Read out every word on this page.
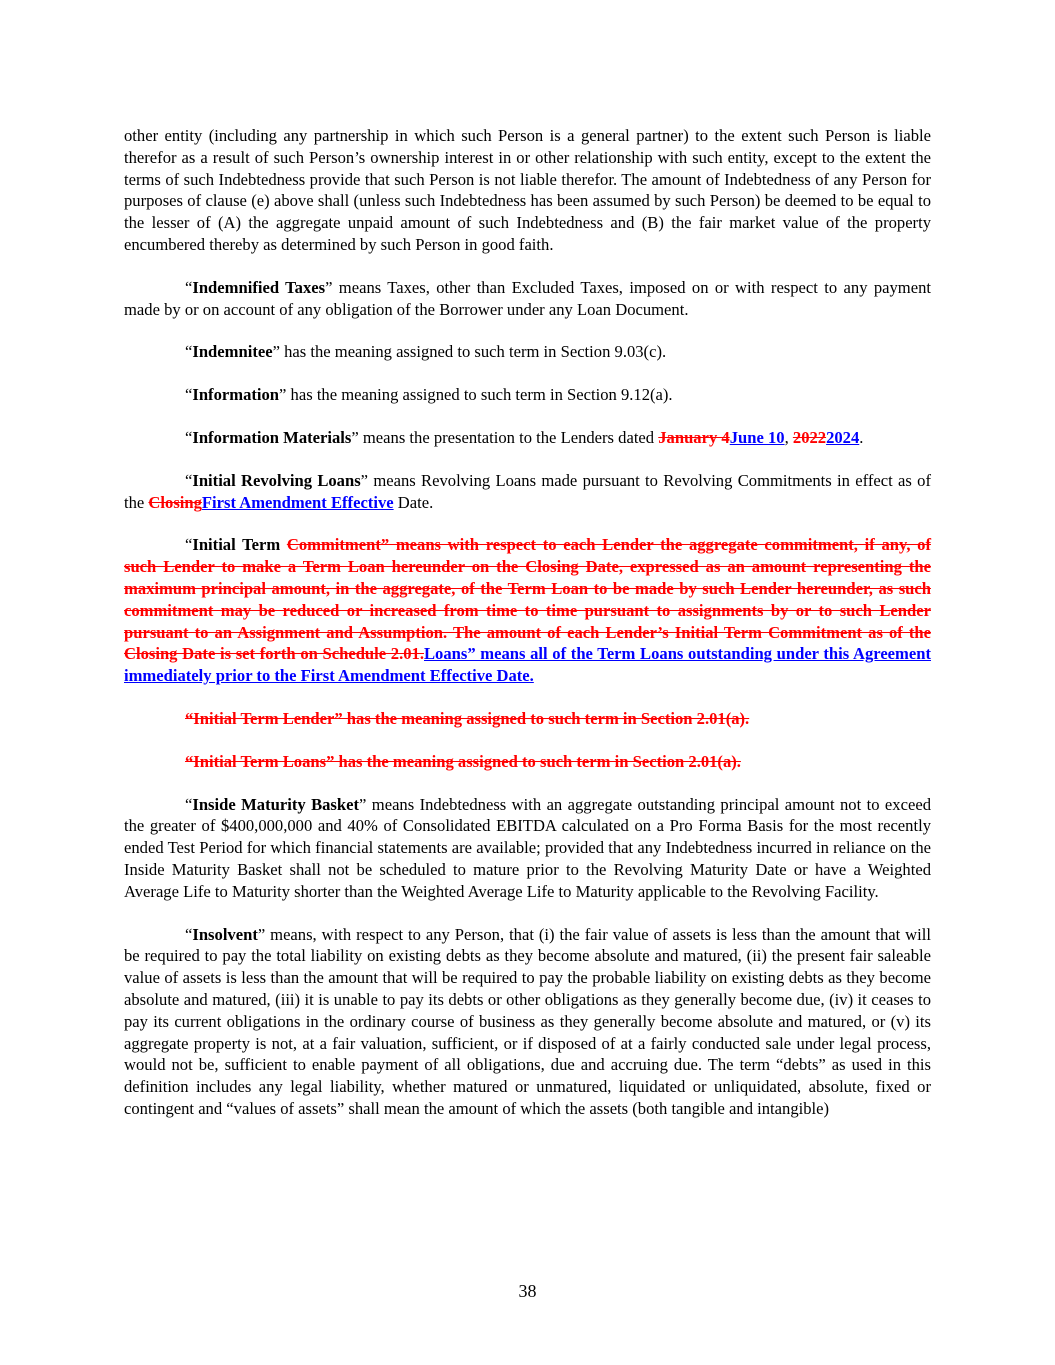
other entity (including any partnership in which such Person is a general partner) to the extent such Person is liable therefor as a result of such Person’s ownership interest in or other relationship with such entity, except to the extent the terms of such Indebtedness provide that such Person is not liable therefor. The amount of Indebtedness of any Person for purposes of clause (e) above shall (unless such Indebtedness has been assumed by such Person) be deemed to be equal to the lesser of (A) the aggregate unpaid amount of such Indebtedness and (B) the fair market value of the property encumbered thereby as determined by such Person in good faith.

“Indemnified Taxes” means Taxes, other than Excluded Taxes, imposed on or with respect to any payment made by or on account of any obligation of the Borrower under any Loan Document.

“Indemnitee” has the meaning assigned to such term in Section 9.03(c).

“Information” has the meaning assigned to such term in Section 9.12(a).

“Information Materials” means the presentation to the Lenders dated January 4June 10, 20222024.

“Initial Revolving Loans” means Revolving Loans made pursuant to Revolving Commitments in effect as of the ClosingFirst Amendment Effective Date.

“Initial Term Commitment” means with respect to each Lender the aggregate commitment, if any, of such Lender to make a Term Loan hereunder on the Closing Date, expressed as an amount representing the maximum principal amount, in the aggregate, of the Term Loan to be made by such Lender hereunder, as such commitment may be reduced or increased from time to time pursuant to assignments by or to such Lender pursuant to an Assignment and Assumption. The amount of each Lender’s Initial Term Commitment as of the Closing Date is set forth on Schedule 2.01.Loans” means all of the Term Loans outstanding under this Agreement immediately prior to the First Amendment Effective Date.

“Initial Term Lender” has the meaning assigned to such term in Section 2.01(a).

“Initial Term Loans” has the meaning assigned to such term in Section 2.01(a).

“Inside Maturity Basket” means Indebtedness with an aggregate outstanding principal amount not to exceed the greater of $400,000,000 and 40% of Consolidated EBITDA calculated on a Pro Forma Basis for the most recently ended Test Period for which financial statements are available; provided that any Indebtedness incurred in reliance on the Inside Maturity Basket shall not be scheduled to mature prior to the Revolving Maturity Date or have a Weighted Average Life to Maturity shorter than the Weighted Average Life to Maturity applicable to the Revolving Facility.

“Insolvent” means, with respect to any Person, that (i) the fair value of assets is less than the amount that will be required to pay the total liability on existing debts as they become absolute and matured, (ii) the present fair saleable value of assets is less than the amount that will be required to pay the probable liability on existing debts as they become absolute and matured, (iii) it is unable to pay its debts or other obligations as they generally become due, (iv) it ceases to pay its current obligations in the ordinary course of business as they generally become absolute and matured, or (v) its aggregate property is not, at a fair valuation, sufficient, or if disposed of at a fairly conducted sale under legal process, would not be, sufficient to enable payment of all obligations, due and accruing due. The term “debts” as used in this definition includes any legal liability, whether matured or unmatured, liquidated or unliquidated, absolute, fixed or contingent and “values of assets” shall mean the amount of which the assets (both tangible and intangible)

38
